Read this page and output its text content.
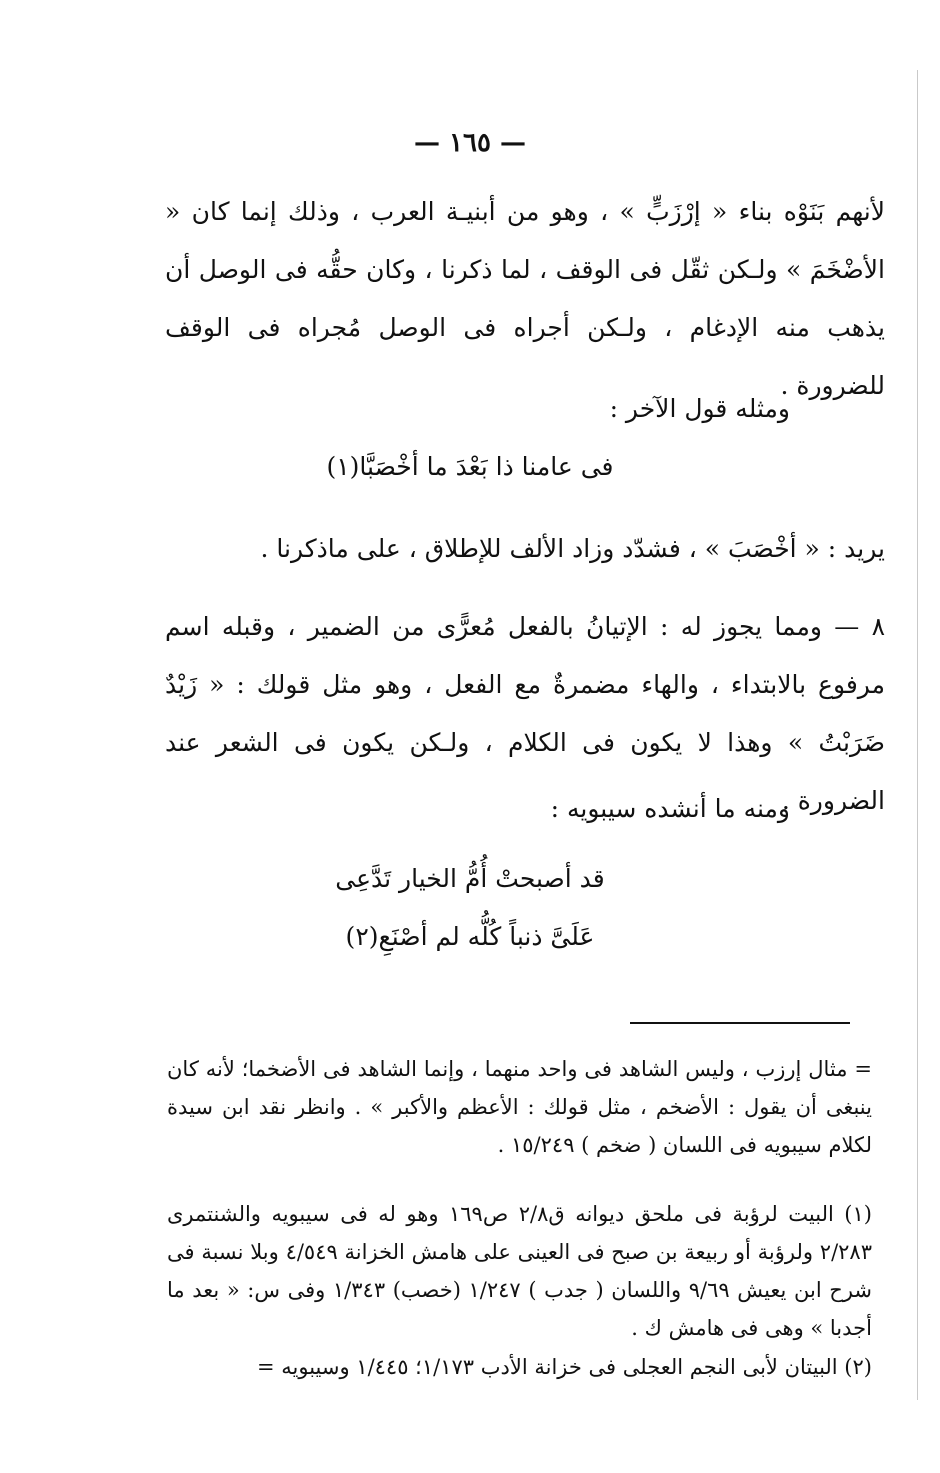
— ١٦٥ —

لأنهم بَنَوْه بناء « إرْزَبٍّ » ، وهو من أبنيـة العرب ، وذلك إنما كان « الأضْخَمَ » ولـكن ثقّل فى الوقف ، لما ذكرنا ، وكان حقُّه فى الوصل أن يذهب منه الإدغام ، ولـكن أجراه فى الوصل مُجراه فى الوقف للضرورة .

ومثله قول الآخر :

فى عامنا ذا بَعْدَ ما أخْصَبَّا(١)

يريد : « أخْصَبَ » ، فشدّد وزاد الألف للإطلاق ، على ماذكرنا .

٨ — ومما يجوز له : الإتيانُ بالفعل مُعرًّى من الضمير ، وقبله اسم مرفوع بالابتداء ، والهاء مضمرةٌ مع الفعل ، وهو مثل قولك : « زَيْدٌ ضَرَبْتُ » وهذا لا يكون فى الكلام ، ولـكن يكون فى الشعر عند الضرورة .

ومنه ما أنشده سيبويه :

قد أصبحتْ أُمُّ الخيار تَدَّعِى
عَلَىَّ ذنباً كُلُّه لم أصْنَعِ(٢)

= مثال إرزب ، وليس الشاهد فى واحد منهما ، وإنما الشاهد فى الأضخما؛ لأنه كان ينبغى أن يقول : الأضخم ، مثل قولك : الأعظم والأكبر » . وانظر نقد ابن سيدة لكلام سيبويه فى اللسان ( ضخم ) ١٥/٢٤٩ .

(١) البيت لرؤبة فى ملحق ديوانه ق٢/٨ ص١٦٩ وهو له فى سيبويه والشنتمرى ٢/٢٨٣ ولرؤبة أو ربيعة بن صبح فى العينى على هامش الخزانة ٤/٥٤٩ وبلا نسبة فى شرح ابن يعيش ٩/٦٩ واللسان ( جدب ) ١/٢٤٧ (خصب) ١/٣٤٣ وفى س: « بعد ما أجدبا » وهى فى هامش ك .

(٢) البيتان لأبى النجم العجلى فى خزانة الأدب ١/١٧٣؛ ١/٤٤٥ وسيبويه =
